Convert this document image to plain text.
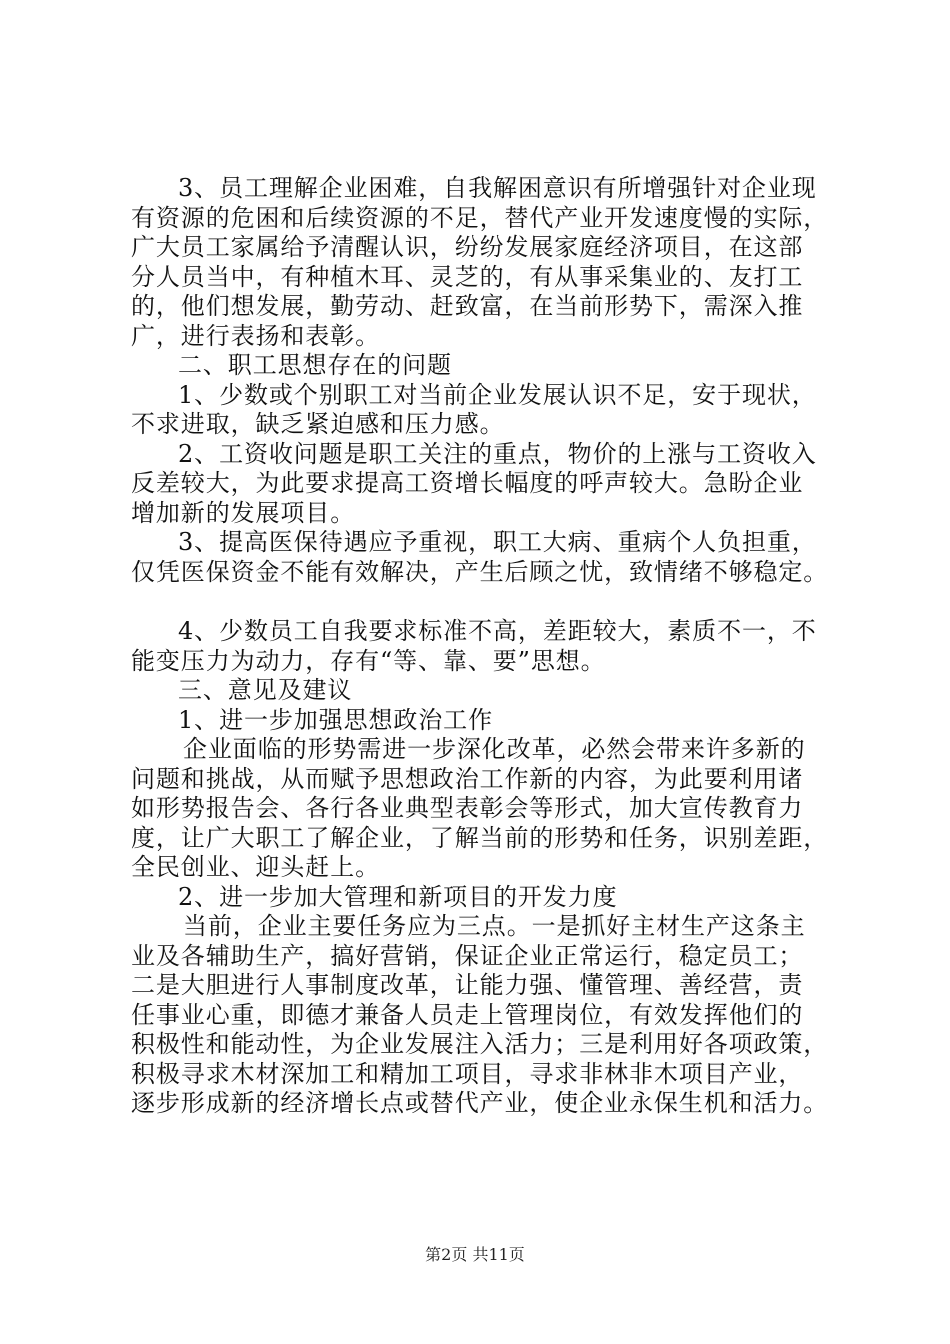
3、员工理解企业困难，自我解困意识有所增强针对企业现
有资源的危困和后续资源的不足，替代产业开发速度慢的实际，
广大员工家属给予清醒认识，纷纷发展家庭经济项目，在这部
分人员当中，有种植木耳、灵芝的，有从事采集业的、友打工
的，他们想发展，勤劳动、赶致富，在当前形势下，需深入推
广，进行表扬和表彰。
二、职工思想存在的问题
1、少数或个别职工对当前企业发展认识不足，安于现状，
不求进取，缺乏紧迫感和压力感。
2、工资收问题是职工关注的重点，物价的上涨与工资收入
反差较大，为此要求提高工资增长幅度的呼声较大。急盼企业
增加新的发展项目。
3、提高医保待遇应予重视，职工大病、重病个人负担重，
仅凭医保资金不能有效解决，产生后顾之忧，致情绪不够稳定。
4、少数员工自我要求标准不高，差距较大，素质不一，不
能变压力为动力，存有“等、靠、要”思想。
三、意见及建议
1、进一步加强思想政治工作
企业面临的形势需进一步深化改革，必然会带来许多新的
问题和挑战，从而赋予思想政治工作新的内容，为此要利用诸
如形势报告会、各行各业典型表彰会等形式，加大宣传教育力
度，让广大职工了解企业，了解当前的形势和任务，识别差距，
全民创业、迎头赶上。
2、进一步加大管理和新项目的开发力度
当前，企业主要任务应为三点。一是抓好主材生产这条主
业及各辅助生产，搞好营销，保证企业正常运行，稳定员工；
二是大胆进行人事制度改革，让能力强、懂管理、善经营，责
任事业心重，即德才兼备人员走上管理岗位，有效发挥他们的
积极性和能动性，为企业发展注入活力；三是利用好各项政策，
积极寻求木材深加工和精加工项目，寻求非林非木项目产业，
逐步形成新的经济增长点或替代产业，使企业永保生机和活力。
第2页 共11页
